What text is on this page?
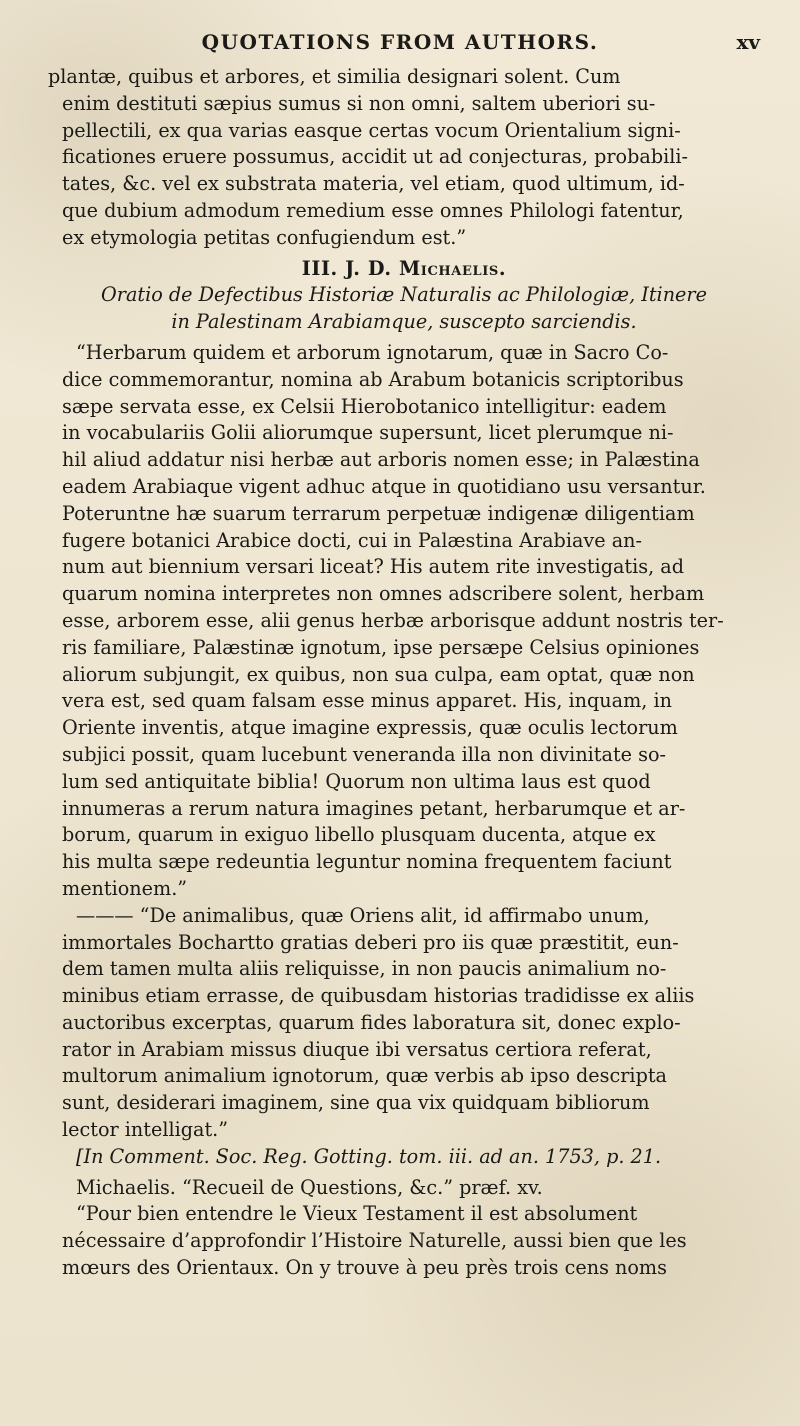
QUOTATIONS FROM AUTHORS.	xv
plantæ, quibus et arbores, et similia designari solent. Cum
enim destituti sæpius sumus si non omni, saltem uberiori su-
pellectili, ex qua varias easque certas vocum Orientalium signi-
ficationes eruere possumus, accidit ut ad conjecturas, probabili-
tates, &c. vel ex substrata materia, vel etiam, quod ultimum, id-
que dubium admodum remedium esse omnes Philologi fatentur,
ex etymologia petitas confugiendum est.”
III. J. D. Michaelis.
Oratio de Defectibus Historiæ Naturalis ac Philologiæ, Itinere
in Palestinam Arabiamque, suscepto sarciendis.
“Herbarum quidem et arborum ignotarum, quæ in Sacro Co-
dice commemorantur, nomina ab Arabum botanicis scriptoribus
sæpe servata esse, ex Celsii Hierobotanico intelligitur: eadem
in vocabulariis Golii aliorumque supersunt, licet plerumque ni-
hil aliud addatur nisi herbæ aut arboris nomen esse; in Palæstina
eadem Arabiaque vigent adhuc atque in quotidiano usu versantur.
Poteruntne hæ suarum terrarum perpetuæ indigenæ diligentiam
fugere botanici Arabice docti, cui in Palæstina Arabiave an-
num aut biennium versari liceat? His autem rite investigatis, ad
quarum nomina interpretes non omnes adscribere solent, herbam
esse, arborem esse, alii genus herbæ arborisque addunt nostris ter-
ris familiare, Palæstinæ ignotum, ipse persæpe Celsius opiniones
aliorum subjungit, ex quibus, non sua culpa, eam optat, quæ non
vera est, sed quam falsam esse minus apparet. His, inquam, in
Oriente inventis, atque imagine expressis, quæ oculis lectorum
subjici possit, quam lucebunt veneranda illa non divinitate so-
lum sed antiquitate biblia! Quorum non ultima laus est quod
innumeras a rerum natura imagines petant, herbarumque et ar-
borum, quarum in exiguo libello plusquam ducenta, atque ex
his multa sæpe redeuntia leguntur nomina frequentem faciunt
mentionem.”
——— “De animalibus, quæ Oriens alit, id affirmabo unum,
immortales Bochartto gratias deberi pro iis quæ præstitit, eun-
dem tamen multa aliis reliquisse, in non paucis animalium no-
minibus etiam errasse, de quibusdam historias tradidisse ex aliis
auctoribus excerptas, quarum fides laboratura sit, donec explo-
rator in Arabiam missus diuque ibi versatus certiora referat,
multorum animalium ignotorum, quæ verbis ab ipso descripta
sunt, desiderari imaginem, sine qua vix quidquam bibliorum
lector intelligat.”
[In Comment. Soc. Reg. Gotting. tom. iii. ad an. 1753, p. 21.
Michaelis. “Recueil de Questions, &c.” præf. xv.
“Pour bien entendre le Vieux Testament il est absolument
nécessaire d’approfondir l’Histoire Naturelle, aussi bien que les
mœurs des Orientaux. On y trouve à peu près trois cens noms
